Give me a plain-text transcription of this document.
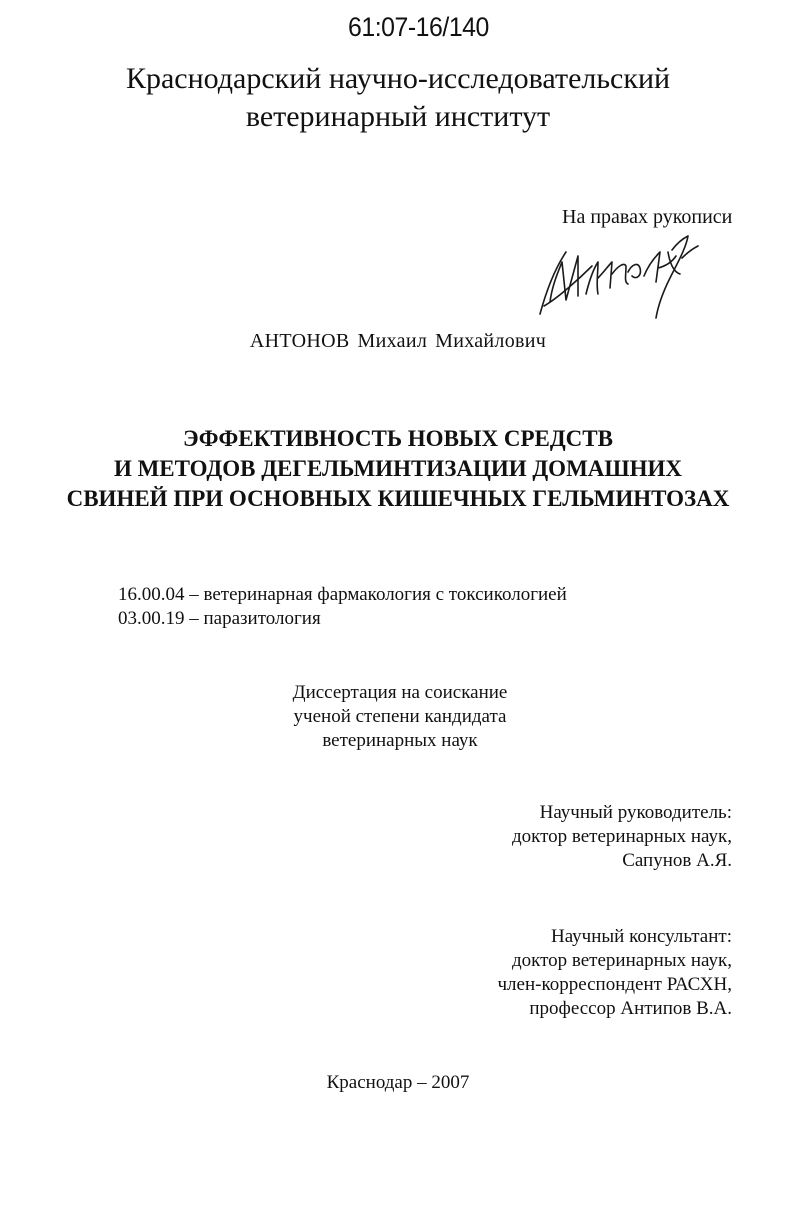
61:07-16/140
Краснодарский научно-исследовательский
ветеринарный институт
На правах рукописи
АНТОНОВ Михаил Михайлович
ЭФФЕКТИВНОСТЬ НОВЫХ СРЕДСТВ
И МЕТОДОВ ДЕГЕЛЬМИНТИЗАЦИИ ДОМАШНИХ
СВИНЕЙ ПРИ ОСНОВНЫХ КИШЕЧНЫХ ГЕЛЬМИНТОЗАХ
16.00.04 – ветеринарная фармакология с токсикологией
03.00.19 – паразитология
Диссертация на соискание
ученой степени кандидата
ветеринарных наук
Научный руководитель:
доктор ветеринарных наук,
Сапунов А.Я.
Научный консультант:
доктор ветеринарных наук,
член-корреспондент РАСХН,
профессор Антипов В.А.
Краснодар – 2007
